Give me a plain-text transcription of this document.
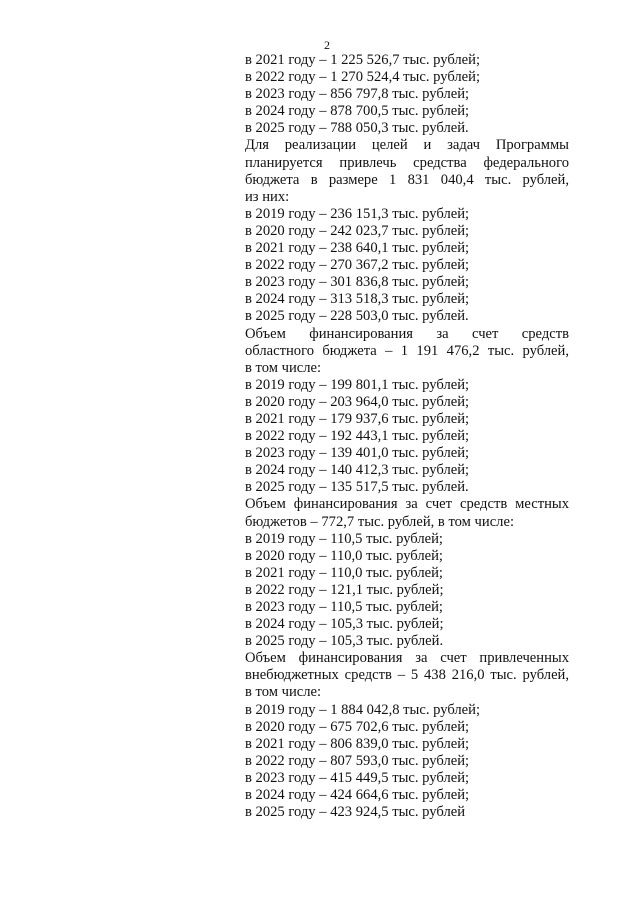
2
в 2021 году – 1 225 526,7 тыс. рублей;
в 2022 году – 1 270 524,4 тыс. рублей;
в 2023 году – 856 797,8 тыс. рублей;
в 2024 году – 878 700,5 тыс. рублей;
в 2025 году – 788 050,3 тыс. рублей.
Для реализации целей и задач Программы
планируется привлечь средства федерального
бюджета в размере 1 831 040,4 тыс. рублей,
из них:
в 2019 году – 236 151,3 тыс. рублей;
в 2020 году – 242 023,7 тыс. рублей;
в 2021 году – 238 640,1 тыс. рублей;
в 2022 году – 270 367,2 тыс. рублей;
в 2023 году – 301 836,8 тыс. рублей;
в 2024 году – 313 518,3 тыс. рублей;
в 2025 году – 228 503,0 тыс. рублей.
Объем финансирования за счет средств
областного бюджета – 1 191 476,2 тыс. рублей,
в том числе:
в 2019 году – 199 801,1 тыс. рублей;
в 2020 году – 203 964,0 тыс. рублей;
в 2021 году – 179 937,6 тыс. рублей;
в 2022 году – 192 443,1 тыс. рублей;
в 2023 году – 139 401,0 тыс. рублей;
в 2024 году – 140 412,3 тыс. рублей;
в 2025 году – 135 517,5 тыс. рублей.
Объем финансирования за счет средств местных
бюджетов – 772,7 тыс. рублей, в том числе:
в 2019 году – 110,5 тыс. рублей;
в 2020 году – 110,0 тыс. рублей;
в 2021 году – 110,0 тыс. рублей;
в 2022 году – 121,1 тыс. рублей;
в 2023 году – 110,5 тыс. рублей;
в 2024 году – 105,3 тыс. рублей;
в 2025 году – 105,3 тыс. рублей.
Объем финансирования за счет привлеченных
внебюджетных средств – 5 438 216,0 тыс. рублей,
в том числе:
в 2019 году – 1 884 042,8 тыс. рублей;
в 2020 году – 675 702,6 тыс. рублей;
в 2021 году – 806 839,0 тыс. рублей;
в 2022 году – 807 593,0 тыс. рублей;
в 2023 году – 415 449,5 тыс. рублей;
в 2024 году – 424 664,6 тыс. рублей;
в 2025 году – 423 924,5 тыс. рублей
